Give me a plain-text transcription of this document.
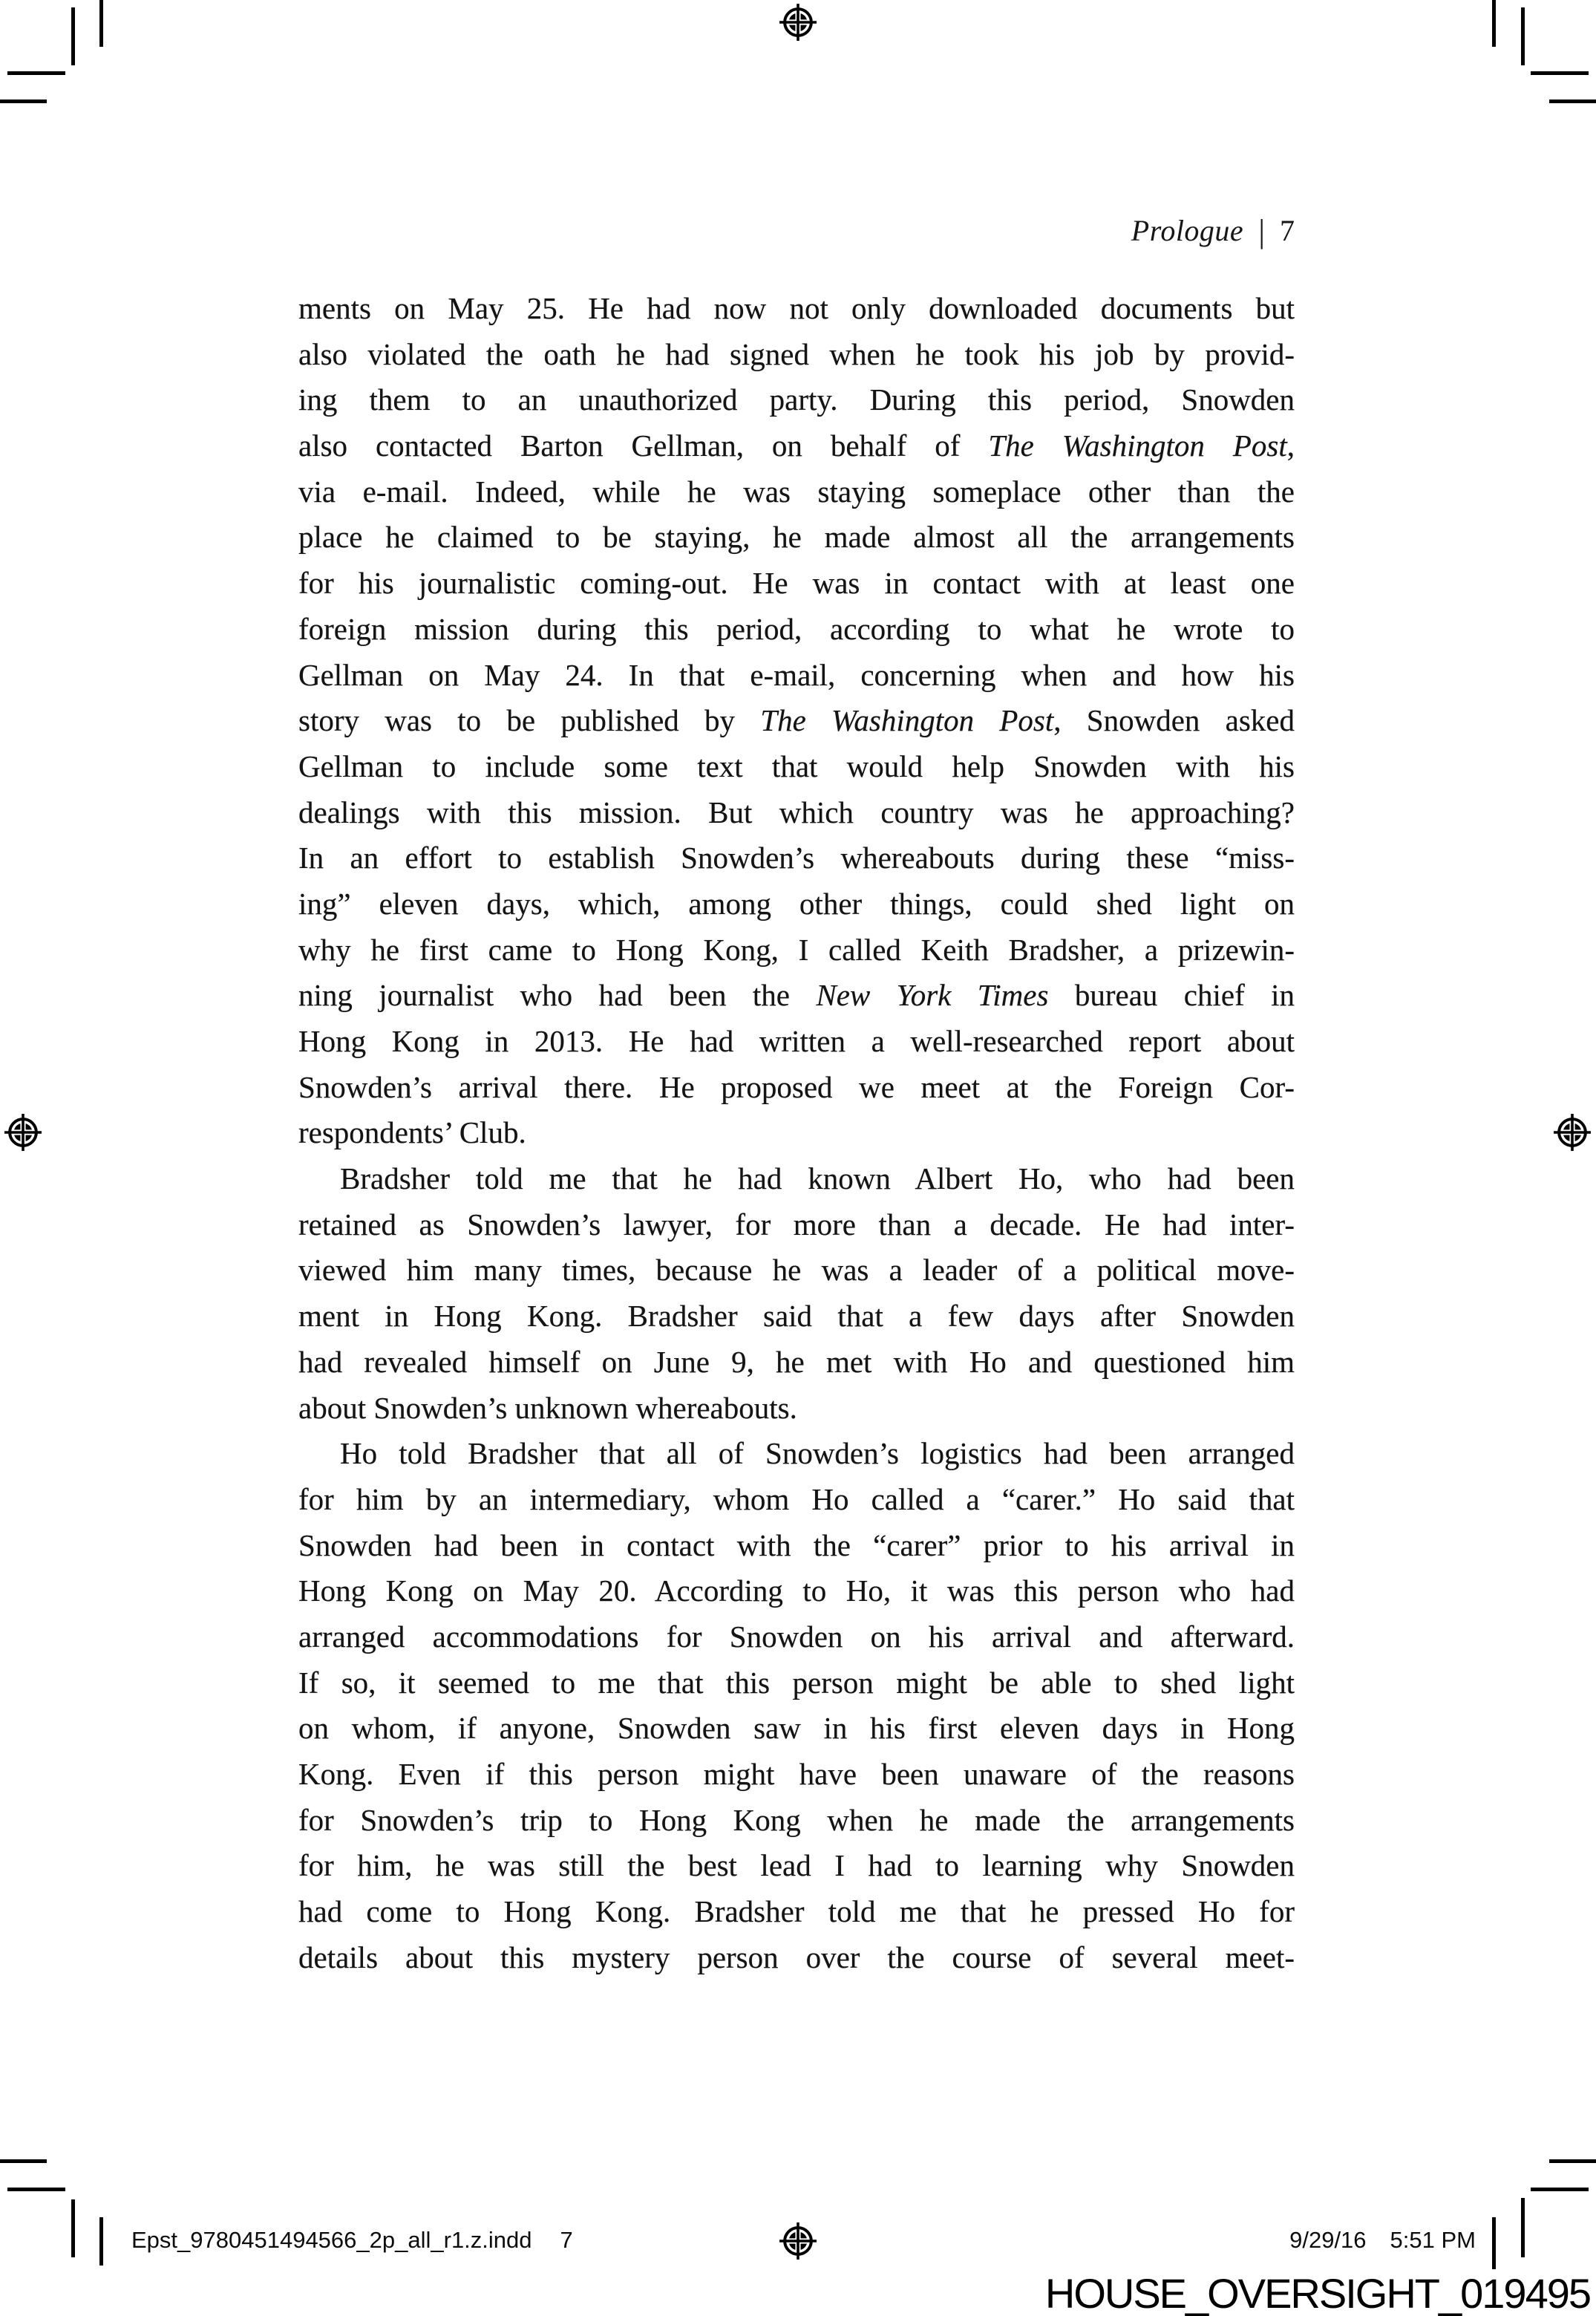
Prologue | 7
ments on May 25. He had now not only downloaded documents but
also violated the oath he had signed when he took his job by provid-
ing them to an unauthorized party. During this period, Snowden
also contacted Barton Gellman, on behalf of The Washington Post,
via e-mail. Indeed, while he was staying someplace other than the
place he claimed to be staying, he made almost all the arrangements
for his journalistic coming-out. He was in contact with at least one
foreign mission during this period, according to what he wrote to
Gellman on May 24. In that e-mail, concerning when and how his
story was to be published by The Washington Post, Snowden asked
Gellman to include some text that would help Snowden with his
dealings with this mission. But which country was he approaching?
In an effort to establish Snowden’s whereabouts during these “miss-
ing” eleven days, which, among other things, could shed light on
why he first came to Hong Kong, I called Keith Bradsher, a prizewin-
ning journalist who had been the New York Times bureau chief in
Hong Kong in 2013. He had written a well-researched report about
Snowden’s arrival there. He proposed we meet at the Foreign Cor-
respondents’ Club.
Bradsher told me that he had known Albert Ho, who had been
retained as Snowden’s lawyer, for more than a decade. He had inter-
viewed him many times, because he was a leader of a political move-
ment in Hong Kong. Bradsher said that a few days after Snowden
had revealed himself on June 9, he met with Ho and questioned him
about Snowden’s unknown whereabouts.
Ho told Bradsher that all of Snowden’s logistics had been arranged
for him by an intermediary, whom Ho called a “carer.” Ho said that
Snowden had been in contact with the “carer” prior to his arrival in
Hong Kong on May 20. According to Ho, it was this person who had
arranged accommodations for Snowden on his arrival and afterward.
If so, it seemed to me that this person might be able to shed light
on whom, if anyone, Snowden saw in his first eleven days in Hong
Kong. Even if this person might have been unaware of the reasons
for Snowden’s trip to Hong Kong when he made the arrangements
for him, he was still the best lead I had to learning why Snowden
had come to Hong Kong. Bradsher told me that he pressed Ho for
details about this mystery person over the course of several meet-
Epst_9780451494566_2p_all_r1.z.indd 7	9/29/16 5:51 PM
HOUSE_OVERSIGHT_019495
